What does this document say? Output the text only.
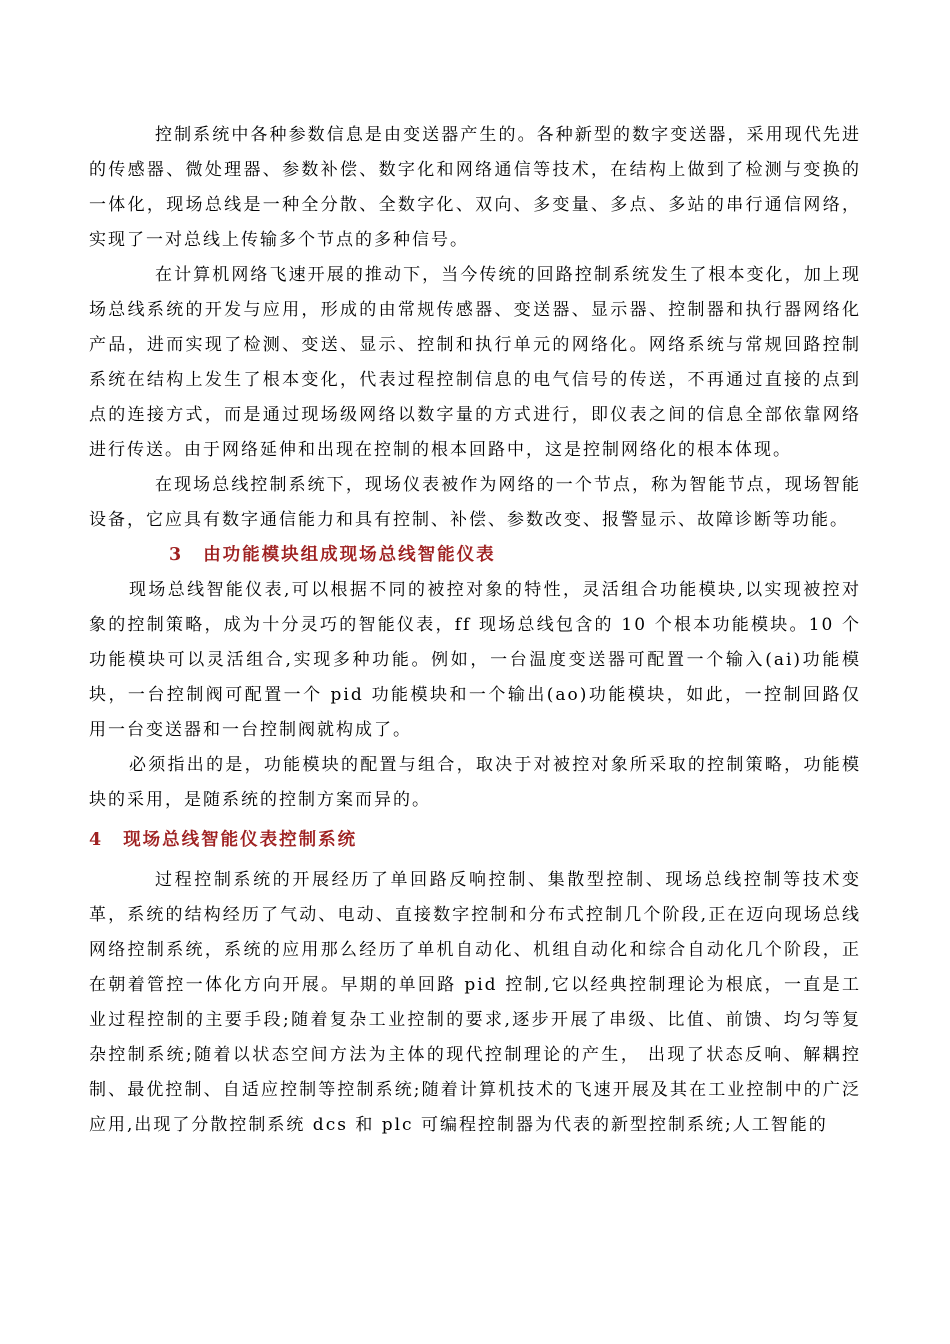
控制系统中各种参数信息是由变送器产生的。各种新型的数字变送器，采用现代先进的传感器、微处理器、参数补偿、数字化和网络通信等技术，在结构上做到了检测与变换的一体化，现场总线是一种全分散、全数字化、双向、多变量、多点、多站的串行通信网络，实现了一对总线上传输多个节点的多种信号。

在计算机网络飞速开展的推动下，当今传统的回路控制系统发生了根本变化，加上现场总线系统的开发与应用，形成的由常规传感器、变送器、显示器、控制器和执行器网络化产品，进而实现了检测、变送、显示、控制和执行单元的网络化。网络系统与常规回路控制系统在结构上发生了根本变化，代表过程控制信息的电气信号的传送，不再通过直接的点到点的连接方式，而是通过现场级网络以数字量的方式进行，即仪表之间的信息全部依靠网络进行传送。由于网络延伸和出现在控制的根本回路中，这是控制网络化的根本体现。

在现场总线控制系统下，现场仪表被作为网络的一个节点，称为智能节点，现场智能设备，它应具有数字通信能力和具有控制、补偿、参数改变、报警显示、故障诊断等功能。

3 由功能模块组成现场总线智能仪表

现场总线智能仪表,可以根据不同的被控对象的特性，灵活组合功能模块,以实现被控对象的控制策略，成为十分灵巧的智能仪表，ff 现场总线包含的 10 个根本功能模块。10 个功能模块可以灵活组合,实现多种功能。例如，一台温度变送器可配置一个输入(ai)功能模块，一台控制阀可配置一个 pid 功能模块和一个输出(ao)功能模块，如此，一控制回路仅用一台变送器和一台控制阀就构成了。

必须指出的是，功能模块的配置与组合，取决于对被控对象所采取的控制策略，功能模块的采用，是随系统的控制方案而异的。

4 现场总线智能仪表控制系统

过程控制系统的开展经历了单回路反响控制、集散型控制、现场总线控制等技术变革，系统的结构经历了气动、电动、直接数字控制和分布式控制几个阶段,正在迈向现场总线网络控制系统，系统的应用那么经历了单机自动化、机组自动化和综合自动化几个阶段，正在朝着管控一体化方向开展。早期的单回路 pid 控制,它以经典控制理论为根底，一直是工业过程控制的主要手段;随着复杂工业控制的要求,逐步开展了串级、比值、前馈、均匀等复杂控制系统;随着以状态空间方法为主体的现代控制理论的产生， 出现了状态反响、解耦控制、最优控制、自适应控制等控制系统;随着计算机技术的飞速开展及其在工业控制中的广泛应用,出现了分散控制系统 dcs 和 plc 可编程控制器为代表的新型控制系统;人工智能的
